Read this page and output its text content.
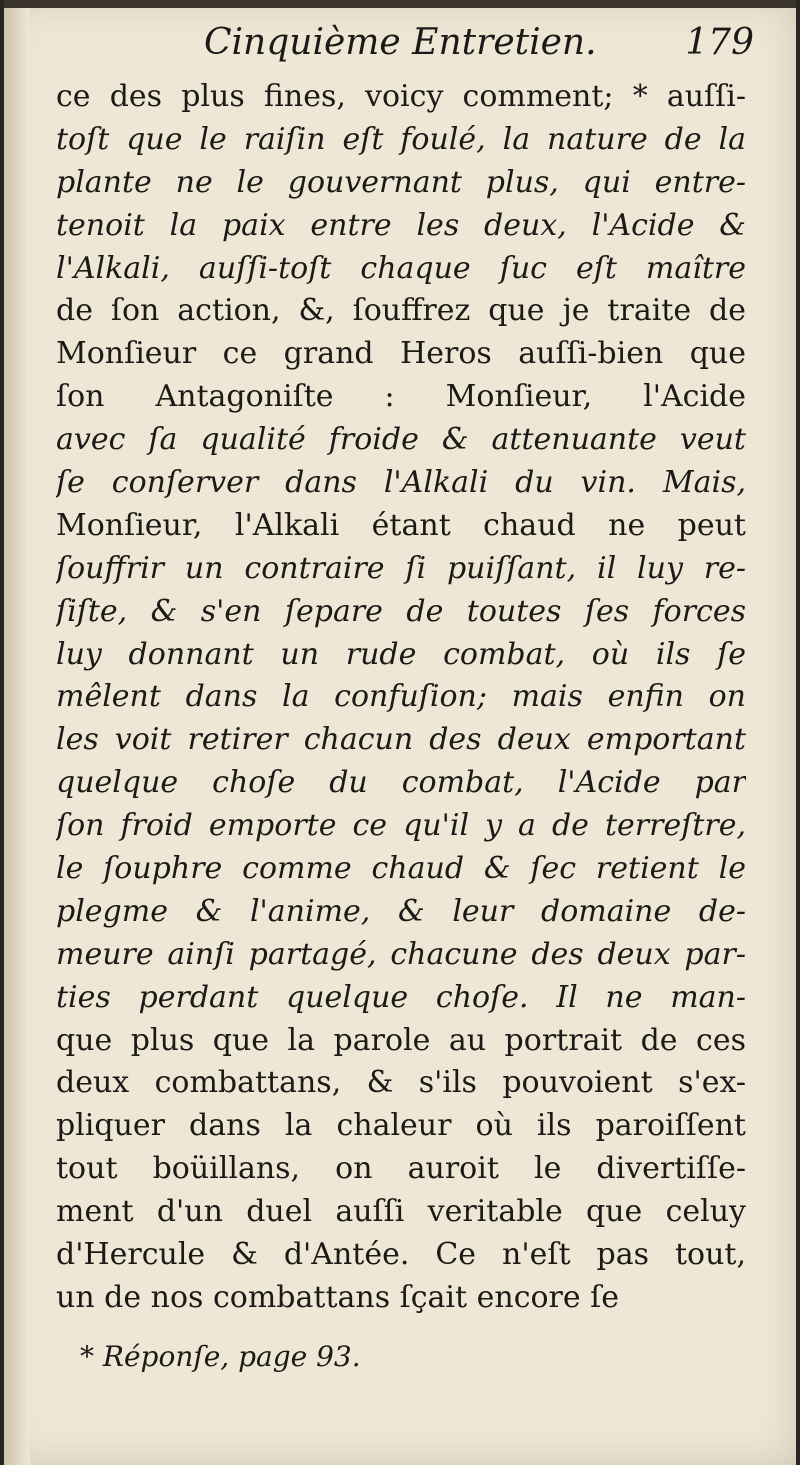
Cinquième Entretien. 179
ce des plus fines, voicy comment; * auſſi-
toſt que le raiſin eſt foulé, la nature de la
plante ne le gouvernant plus, qui entre-
tenoit la paix entre les deux, l'Acide &
l'Alkali, auſſi-toſt chaque ſuc eſt maître
de ſon action, &, ſouffrez que je traite de
Monſieur ce grand Heros auſſi-bien que
ſon Antagoniſte : Monſieur, l'Acide
avec ſa qualité froide & attenuante veut
ſe conſerver dans l'Alkali du vin. Mais,
Monſieur, l'Alkali étant chaud ne peut
ſouffrir un contraire ſi puiſſant, il luy re-
ſiſte, & s'en ſepare de toutes ſes forces
luy donnant un rude combat, où ils ſe
mêlent dans la confuſion; mais enfin on
les voit retirer chacun des deux emportant
quelque choſe du combat, l'Acide par
ſon froid emporte ce qu'il y a de terreſtre,
le ſouphre comme chaud & ſec retient le
plegme & l'anime, & leur domaine de-
meure ainſi partagé, chacune des deux par-
ties perdant quelque choſe. Il ne man-
que plus que la parole au portrait de ces
deux combattans, & s'ils pouvoient s'ex-
pliquer dans la chaleur où ils paroiſſent
tout boüillans, on auroit le divertiſſe-
ment d'un duel auſſi veritable que celuy
d'Hercule & d'Antée. Ce n'eſt pas tout,
un de nos combattans ſçait encore ſe
* Réponſe, page 93.
